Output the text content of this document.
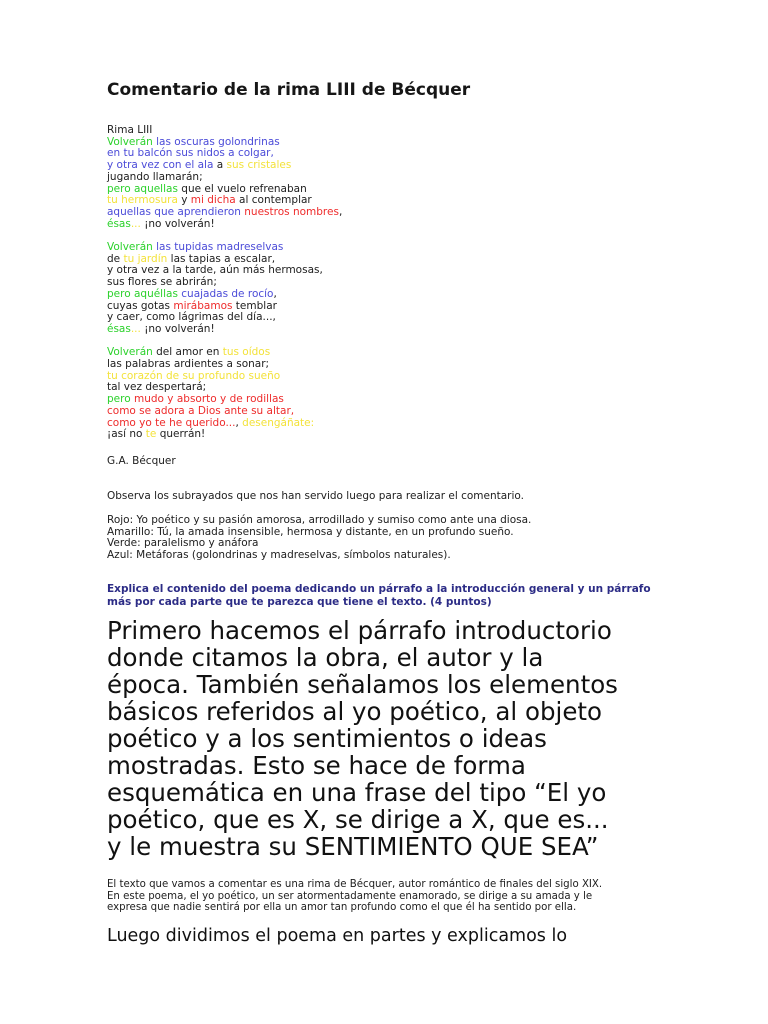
Comentario de la rima LIII de Bécquer
Rima LIII
Volverán las oscuras golondrinas
en tu balcón sus nidos a colgar,
y otra vez con el ala a sus cristales
jugando llamarán;
pero aquellas que el vuelo refrenaban
tu hermosura y mi dicha al contemplar
aquellas que aprendieron nuestros nombres,
ésas... ¡no volverán!
Volverán las tupidas madreselvas
de tu jardín las tapias a escalar,
y otra vez a la tarde, aún más hermosas,
sus flores se abrirán;
pero aquéllas cuajadas de rocío,
cuyas gotas mirábamos temblar
y caer, como lágrimas del día...,
ésas... ¡no volverán!
Volverán del amor en tus oídos
las palabras ardientes a sonar;
tu corazón de su profundo sueño
tal vez despertará;
pero mudo y absorto y de rodillas
como se adora a Dios ante su altar,
como yo te he querido..., desengáñate:
¡así no te querrán!
G.A. Bécquer
Observa los subrayados que nos han servido luego para realizar el comentario.
Rojo: Yo poético y su pasión amorosa, arrodillado y sumiso como ante una diosa.
Amarillo: Tú, la amada insensible, hermosa y distante, en un profundo sueño.
Verde: paralelismo y anáfora
Azul: Metáforas (golondrinas y madreselvas, símbolos naturales).
Explica el contenido del poema dedicando un párrafo a la introducción general y un párrafo más por cada parte que te parezca que tiene el texto. (4 puntos)
Primero hacemos el párrafo introductorio
donde citamos la obra, el autor y la
época. También señalamos los elementos
básicos referidos al yo poético, al objeto
poético y a los sentimientos o ideas
mostradas. Esto se hace de forma
esquemática en una frase del tipo “El yo
poético, que es X, se dirige a X, que es...
y le muestra su SENTIMIENTO QUE SEA”
El texto que vamos a comentar es una rima de Bécquer, autor romántico de finales del siglo XIX.
En este poema, el yo poético, un ser atormentadamente enamorado, se dirige a su amada y le
expresa que nadie sentirá por ella un amor tan profundo como el que él ha sentido por ella.
Luego dividimos el poema en partes y explicamos lo
